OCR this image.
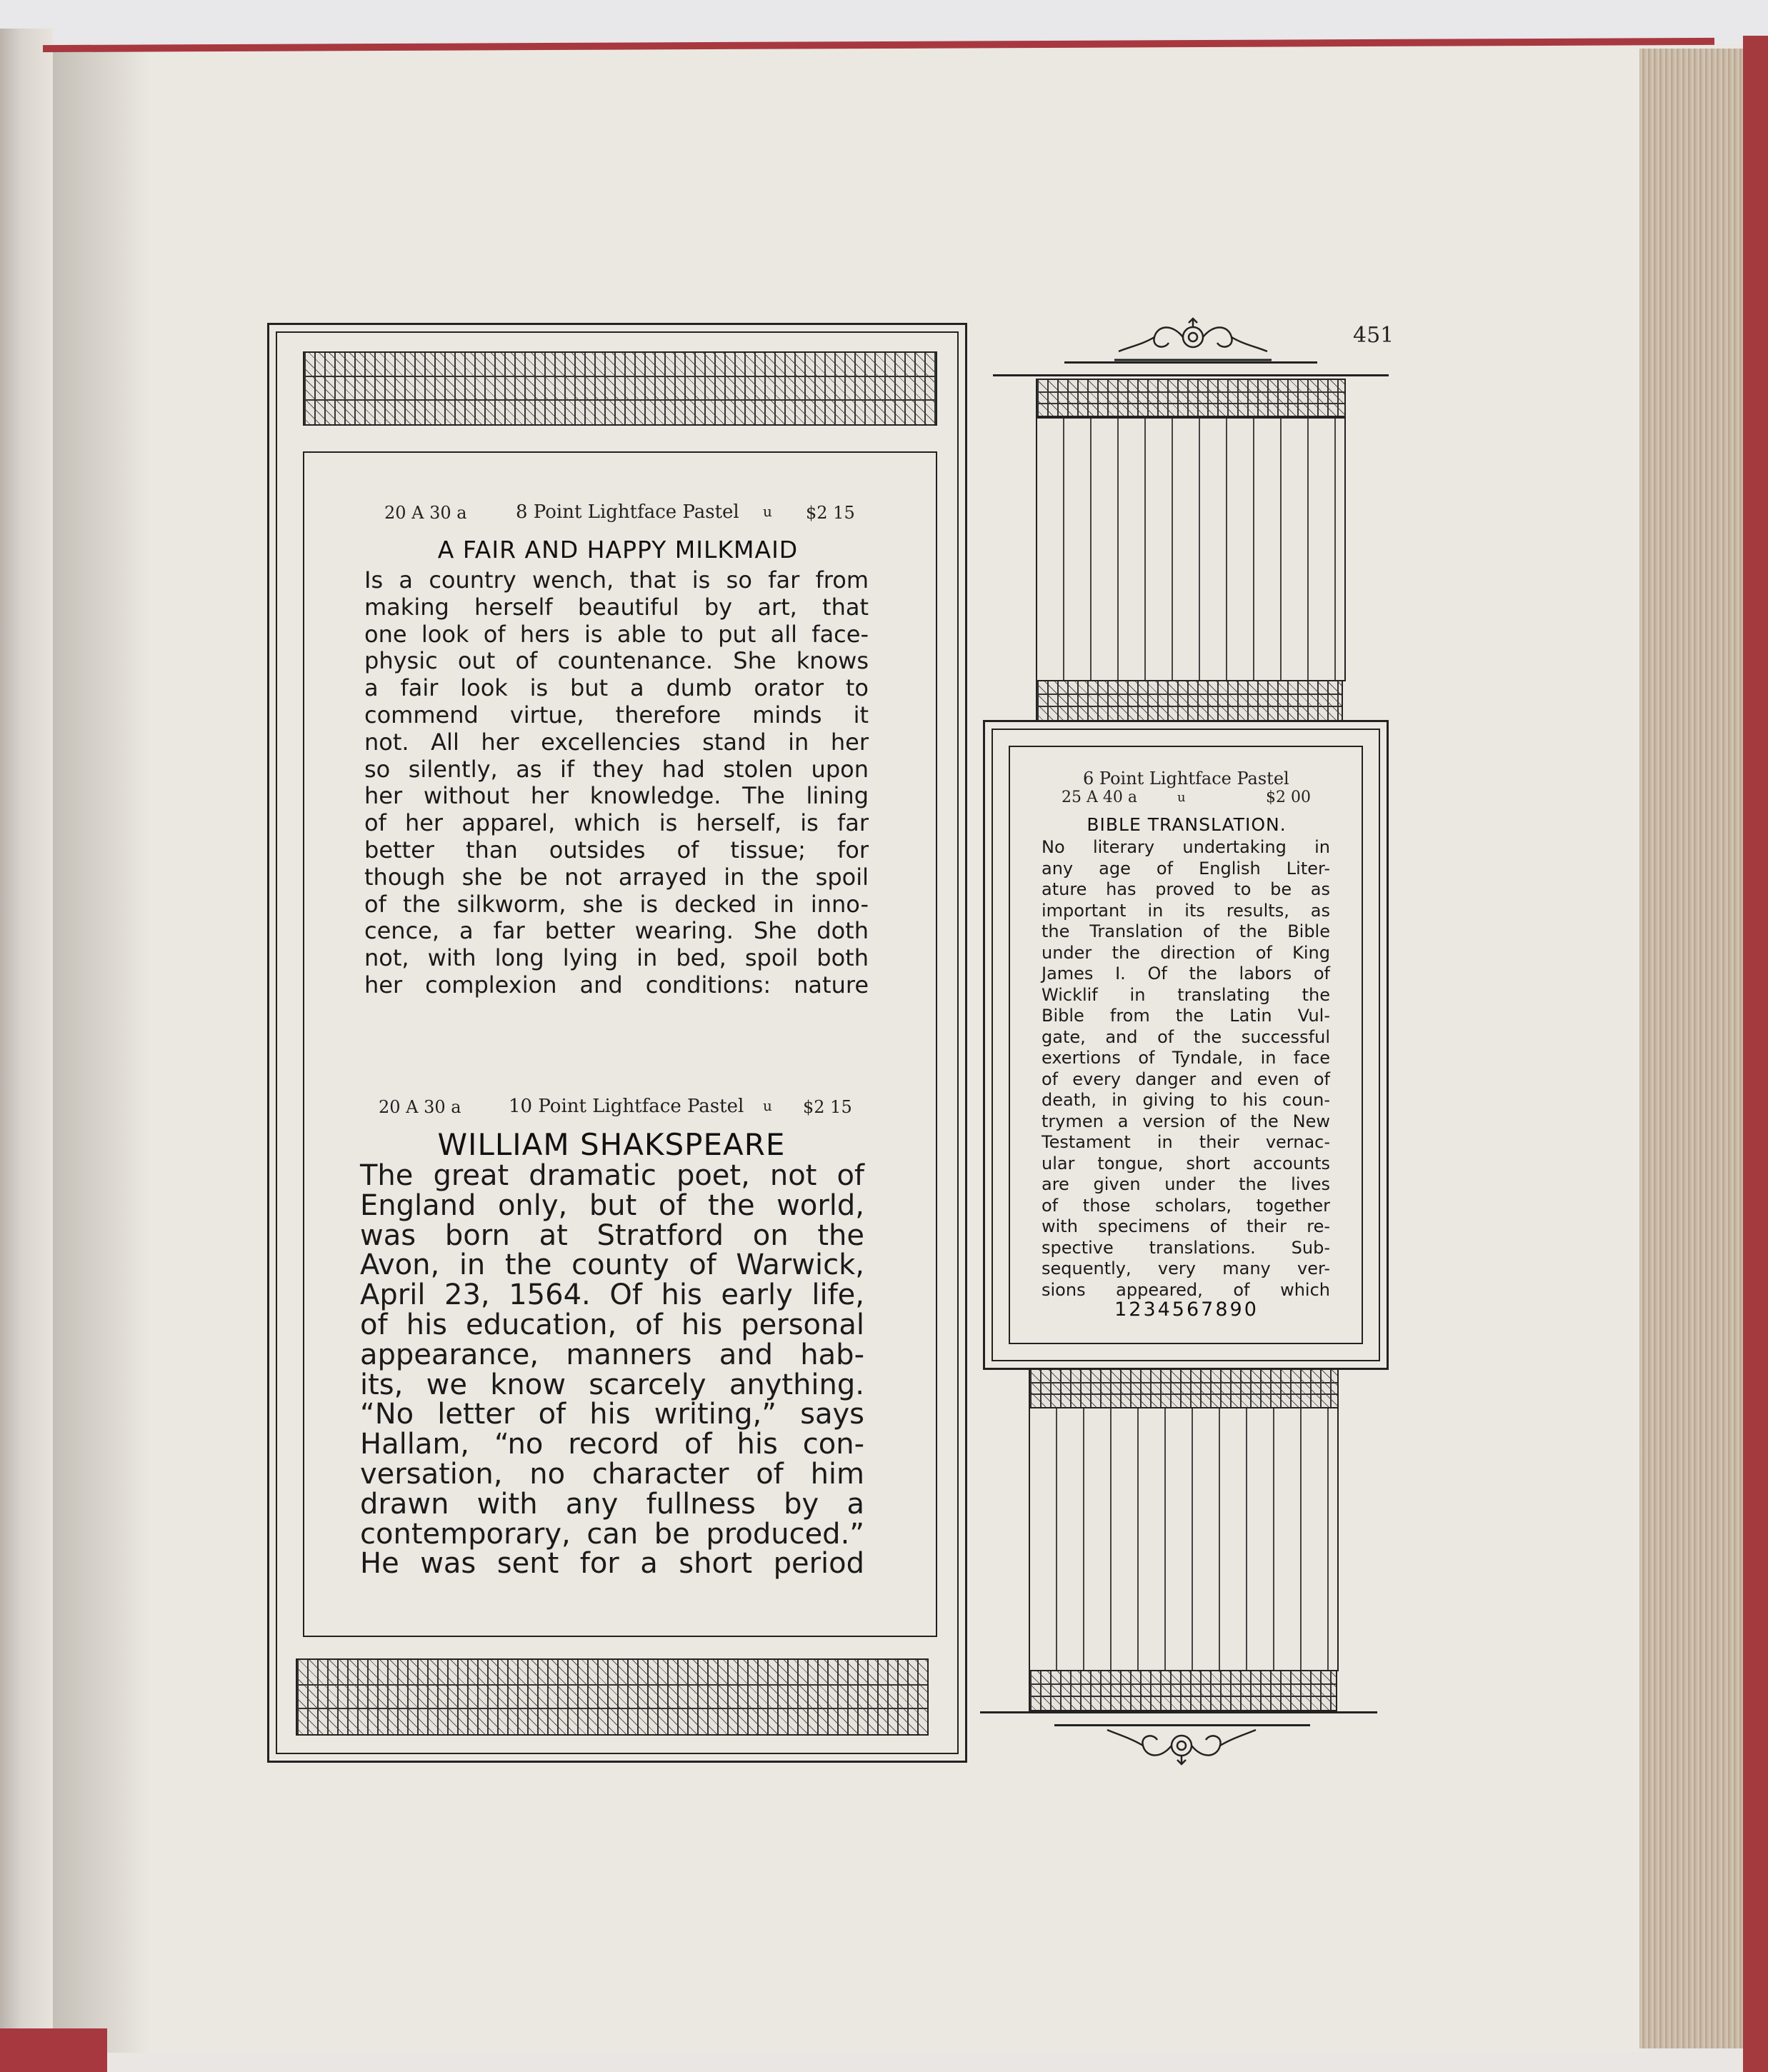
451
20 A 30 a	8 Point Lightface Pastel u $2 15
A FAIR AND HAPPY MILKMAID
Is a country wench, that is so far from
making herself beautiful by art, that
one look of hers is able to put all face-
physic out of countenance. She knows
a fair look is but a dumb orator to
commend virtue, therefore minds it
not. All her excellencies stand in her
so silently, as if they had stolen upon
her without her knowledge. The lining
of her apparel, which is herself, is far
better than outsides of tissue; for
though she be not arrayed in the spoil
of the silkworm, she is decked in inno-
cence, a far better wearing. She doth
not, with long lying in bed, spoil both
her complexion and conditions: nature
20 A 30 a	10 Point Lightface Pastel u $2 15
WILLIAM SHAKSPEARE
The great dramatic poet, not of
England only, but of the world,
was born at Stratford on the
Avon, in the county of Warwick,
April 23, 1564. Of his early life,
of his education, of his personal
appearance, manners and hab-
its, we know scarcely anything.
“No letter of his writing,” says
Hallam, “no record of his con-
versation, no character of him
drawn with any fullness by a
contemporary, can be produced.”
He was sent for a short period
6 Point Lightface Pastel
25 A 40 a	u	$2 00
BIBLE TRANSLATION.
No literary undertaking in
any age of English Liter-
ature has proved to be as
important in its results, as
the Translation of the Bible
under the direction of King
James I. Of the labors of
Wicklif in translating the
Bible from the Latin Vul-
gate, and of the successful
exertions of Tyndale, in face
of every danger and even of
death, in giving to his coun-
trymen a version of the New
Testament in their vernac-
ular tongue, short accounts
are given under the lives
of those scholars, together
with specimens of their re-
spective translations. Sub-
sequently, very many ver-
sions appeared, of which
1234567890
